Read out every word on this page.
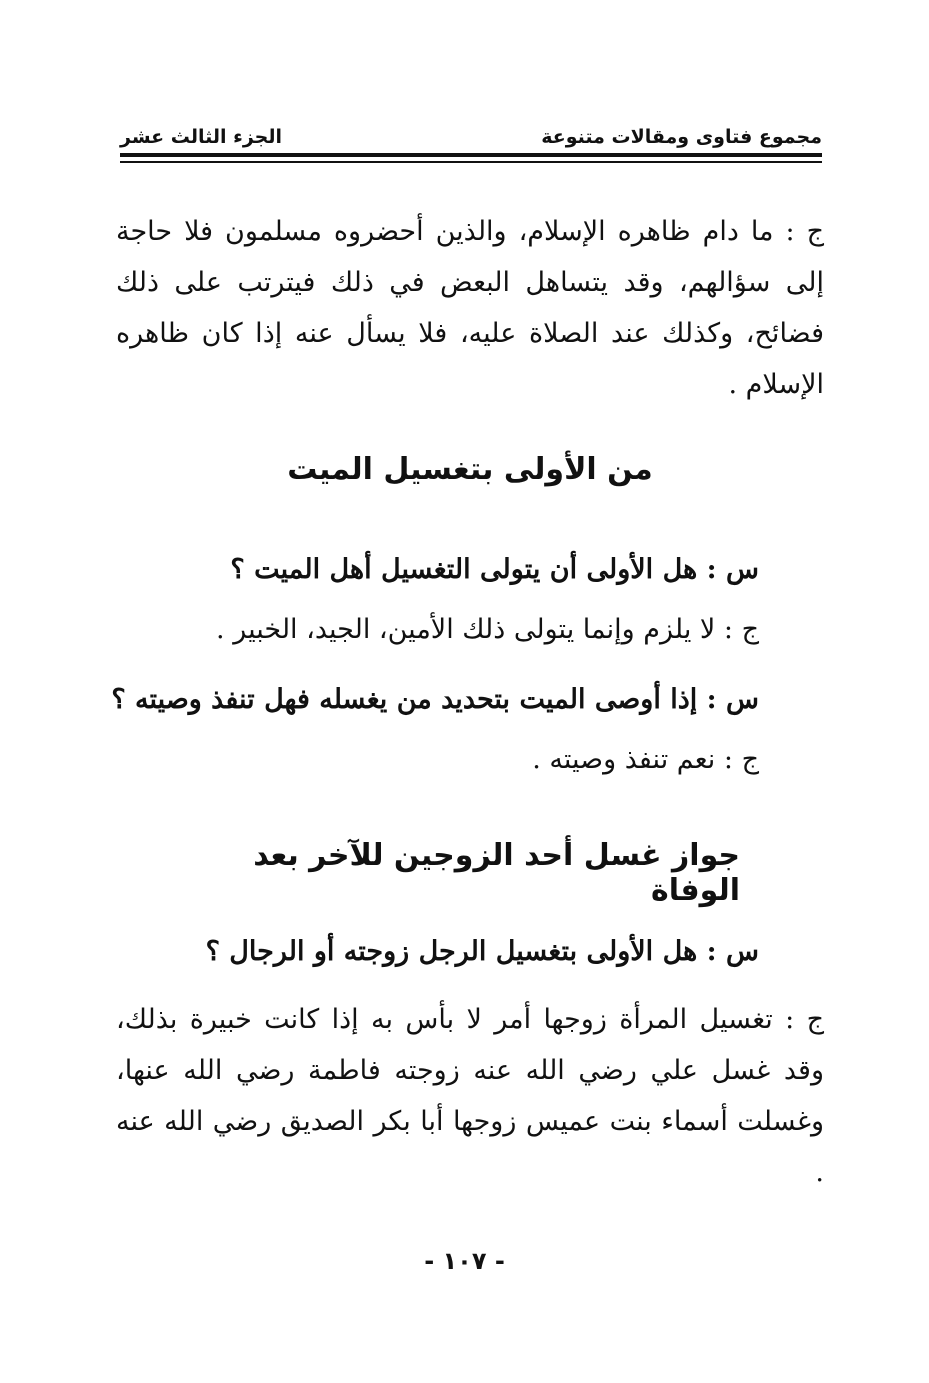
مجموع فتاوى ومقالات متنوعة
الجزء الثالث عشر
ج : ما دام ظاهره الإسلام، والذين أحضروه مسلمون فلا حاجة إلى سؤالهم، وقد يتساهل البعض في ذلك فيترتب على ذلك فضائح، وكذلك عند الصلاة عليه، فلا يسأل عنه إذا كان ظاهره الإسلام .
من الأولى بتغسيل الميت
س : هل الأولى أن يتولى التغسيل أهل الميت ؟
ج : لا يلزم وإنما يتولى ذلك الأمين، الجيد، الخبير .
س : إذا أوصى الميت بتحديد من يغسله فهل تنفذ وصيته ؟
ج : نعم تنفذ وصيته .
جواز غسل أحد الزوجين للآخر بعد الوفاة
س : هل الأولى بتغسيل الرجل زوجته أو الرجال ؟
ج : تغسيل المرأة زوجها أمر لا بأس به إذا كانت خبيرة بذلك، وقد غسل علي رضي الله عنه زوجته فاطمة رضي الله عنها، وغسلت أسماء بنت عميس زوجها أبا بكر الصديق رضي الله عنه .
- ١٠٧ -
